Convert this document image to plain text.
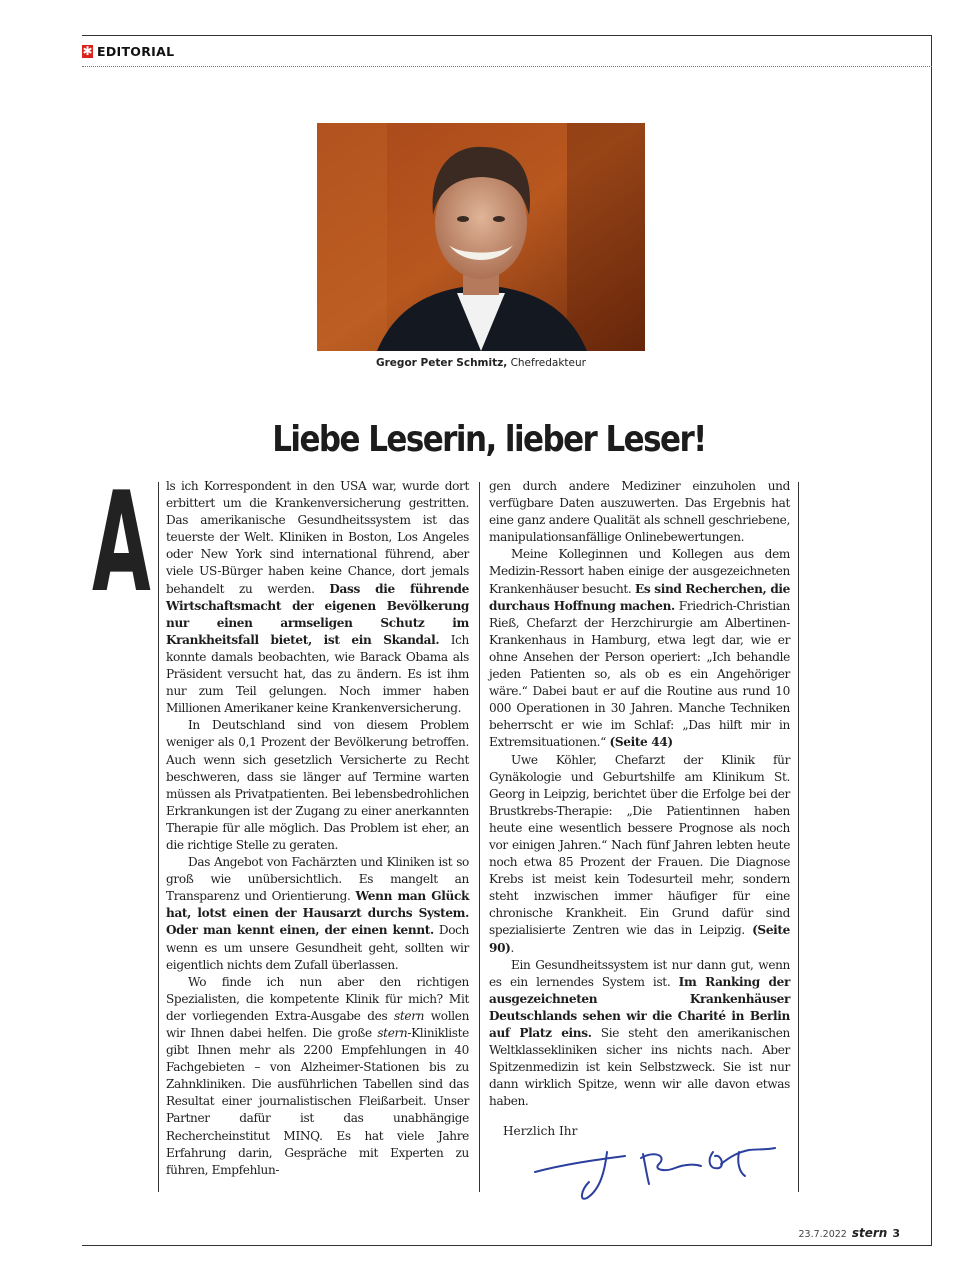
✱ EDITORIAL
Gregor Peter Schmitz, Chefredakteur
Liebe Leserin, lieber Leser!
A ls ich Korrespondent in den USA war, wurde dort erbittert um die Krankenversicherung gestritten. Das amerikanische Gesundheitssystem ist das teuerste der Welt. Kliniken in Boston, Los Angeles oder New York sind international führend, aber viele US-Bürger haben keine Chance, dort jemals behandelt zu werden. Dass die führende Wirtschaftsmacht der eigenen Bevölkerung nur einen armseligen Schutz im Krankheitsfall bietet, ist ein Skandal. Ich konnte damals beobachten, wie Barack Obama als Präsident versucht hat, das zu ändern. Es ist ihm nur zum Teil gelungen. Noch immer haben Millionen Amerikaner keine Krankenversicherung.

In Deutschland sind von diesem Problem weniger als 0,1 Prozent der Bevölkerung betroffen. Auch wenn sich gesetzlich Versicherte zu Recht beschweren, dass sie länger auf Termine warten müssen als Privatpatienten. Bei lebensbedrohlichen Erkrankungen ist der Zugang zu einer anerkannten Therapie für alle möglich. Das Problem ist eher, an die richtige Stelle zu geraten.

Das Angebot von Fachärzten und Kliniken ist so groß wie unübersichtlich. Es mangelt an Transparenz und Orientierung. Wenn man Glück hat, lotst einen der Hausarzt durchs System. Oder man kennt einen, der einen kennt. Doch wenn es um unsere Gesundheit geht, sollten wir eigentlich nichts dem Zufall überlassen.

Wo finde ich nun aber den richtigen Spezialisten, die kompetente Klinik für mich? Mit der vorliegenden Extra-Ausgabe des stern wollen wir Ihnen dabei helfen. Die große stern-Klinikliste gibt Ihnen mehr als 2200 Empfehlungen in 40 Fachgebieten – von Alzheimer-Stationen bis zu Zahnkliniken. Die ausführlichen Tabellen sind das Resultat einer journalistischen Fleißarbeit. Unser Partner dafür ist das unabhängige Rechercheinstitut MINQ. Es hat viele Jahre Erfahrung darin, Gespräche mit Experten zu führen, Empfehlun-

gen durch andere Mediziner einzuholen und verfügbare Daten auszuwerten. Das Ergebnis hat eine ganz andere Qualität als schnell geschriebene, manipulationsanfällige Onlinebewertungen.

Meine Kolleginnen und Kollegen aus dem Medizin-Ressort haben einige der ausgezeichneten Krankenhäuser besucht. Es sind Recherchen, die durchaus Hoffnung machen. Friedrich-Christian Rieß, Chefarzt der Herzchirurgie am Albertinen-Krankenhaus in Hamburg, etwa legt dar, wie er ohne Ansehen der Person operiert: „Ich behandle jeden Patienten so, als ob es ein Angehöriger wäre.“ Dabei baut er auf die Routine aus rund 10 000 Operationen in 30 Jahren. Manche Techniken beherrscht er wie im Schlaf: „Das hilft mir in Extremsituationen.“ (Seite 44)

Uwe Köhler, Chefarzt der Klinik für Gynäkologie und Geburtshilfe am Klinikum St. Georg in Leipzig, berichtet über die Erfolge bei der Brustkrebs-Therapie: „Die Patientinnen haben heute eine wesentlich bessere Prognose als noch vor einigen Jahren.“ Nach fünf Jahren lebten heute noch etwa 85 Prozent der Frauen. Die Diagnose Krebs ist meist kein Todesurteil mehr, sondern steht inzwischen immer häufiger für eine chronische Krankheit. Ein Grund dafür sind spezialisierte Zentren wie das in Leipzig. (Seite 90).

Ein Gesundheitssystem ist nur dann gut, wenn es ein lernendes System ist. Im Ranking der ausgezeichneten Krankenhäuser Deutschlands sehen wir die Charité in Berlin auf Platz eins. Sie steht den amerikanischen Weltklassekliniken sicher ins nichts nach. Aber Spitzenmedizin ist kein Selbstzweck. Sie ist nur dann wirklich Spitze, wenn wir alle davon etwas haben.

Herzlich Ihr
23.7.2022 stern 3
